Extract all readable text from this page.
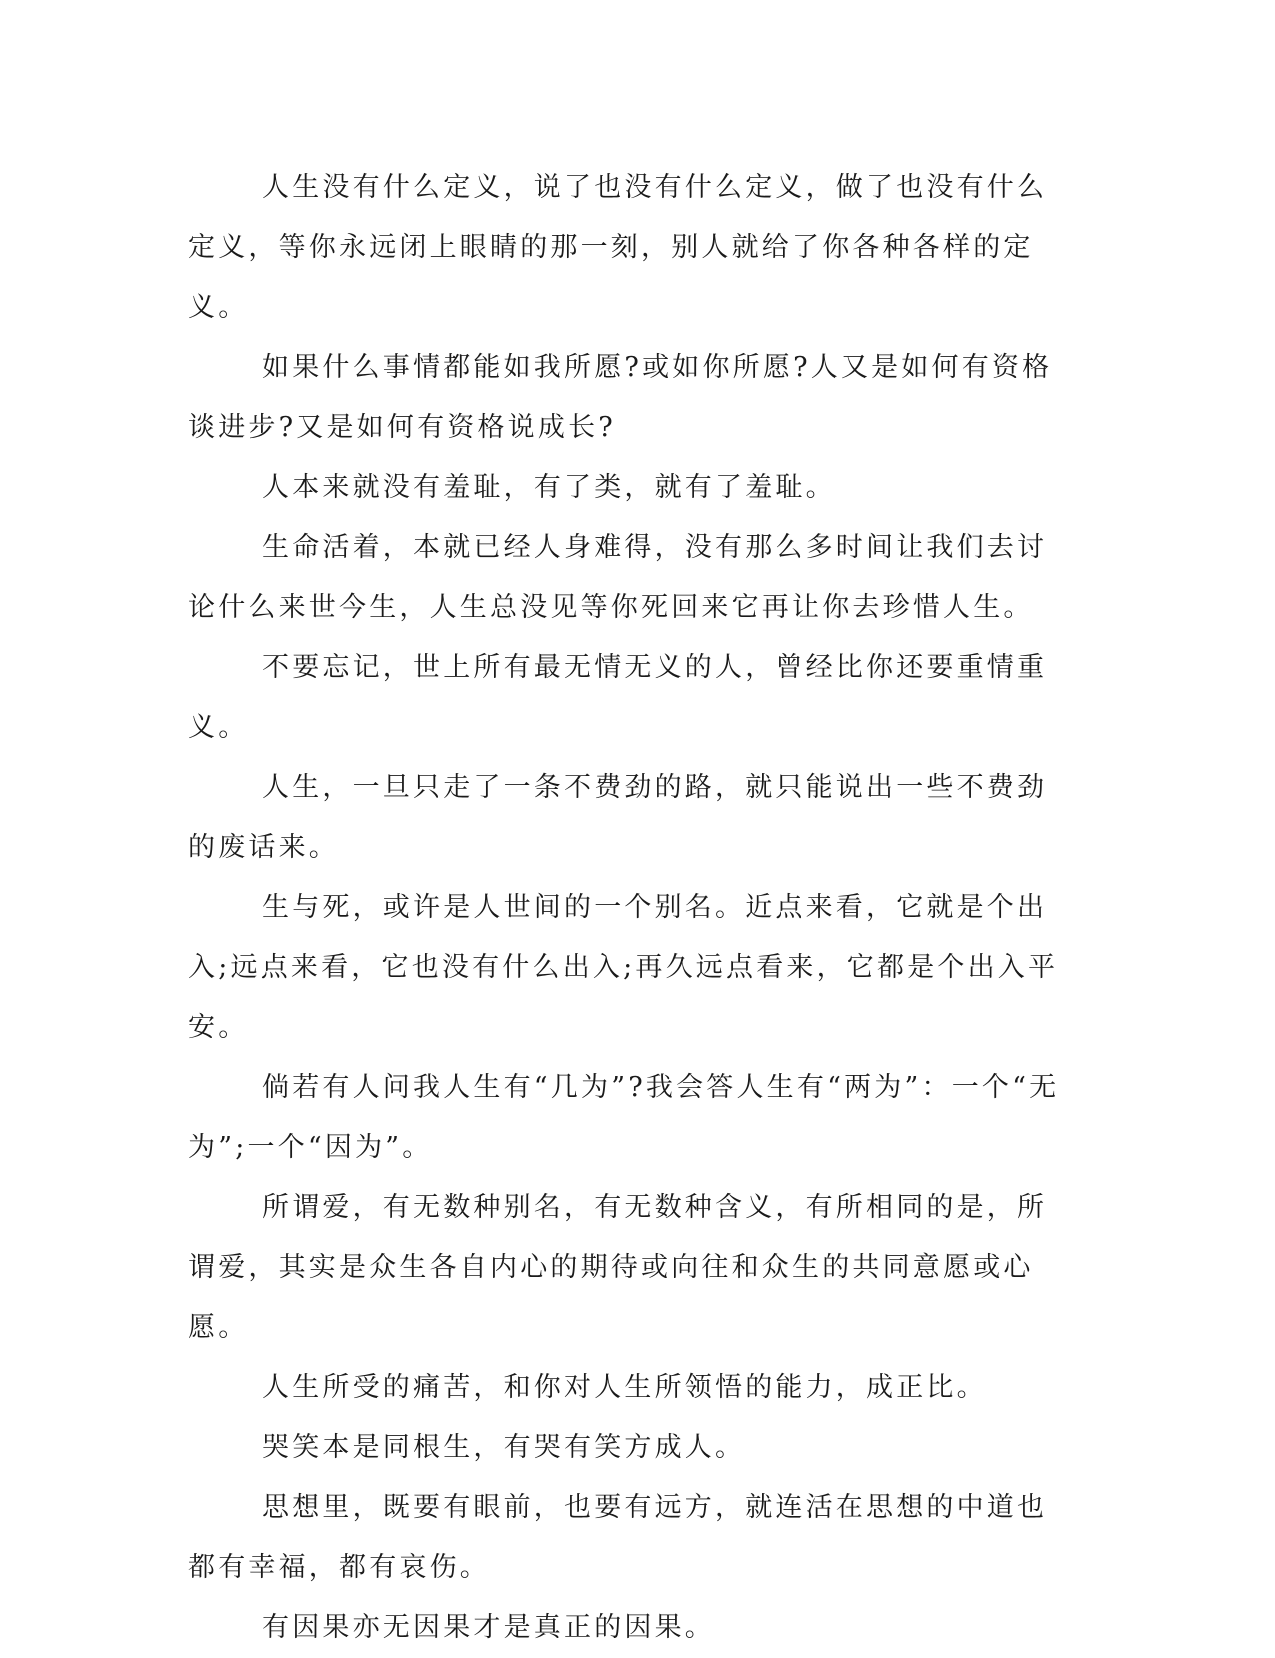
人生没有什么定义，说了也没有什么定义，做了也没有什么定义，等你永远闭上眼睛的那一刻，别人就给了你各种各样的定义。

如果什么事情都能如我所愿?或如你所愿?人又是如何有资格谈进步?又是如何有资格说成长?

人本来就没有羞耻，有了类，就有了羞耻。

生命活着，本就已经人身难得，没有那么多时间让我们去讨论什么来世今生，人生总没见等你死回来它再让你去珍惜人生。

不要忘记，世上所有最无情无义的人，曾经比你还要重情重义。

人生，一旦只走了一条不费劲的路，就只能说出一些不费劲的废话来。

生与死，或许是人世间的一个别名。近点来看，它就是个出入;远点来看，它也没有什么出入;再久远点看来，它都是个出入平安。

倘若有人问我人生有“几为”?我会答人生有“两为”：一个“无为”;一个“因为”。

所谓爱，有无数种别名，有无数种含义，有所相同的是，所谓爱，其实是众生各自内心的期待或向往和众生的共同意愿或心愿。

人生所受的痛苦，和你对人生所领悟的能力，成正比。

哭笑本是同根生，有哭有笑方成人。

思想里，既要有眼前，也要有远方，就连活在思想的中道也都有幸福，都有哀伤。

有因果亦无因果才是真正的因果。
